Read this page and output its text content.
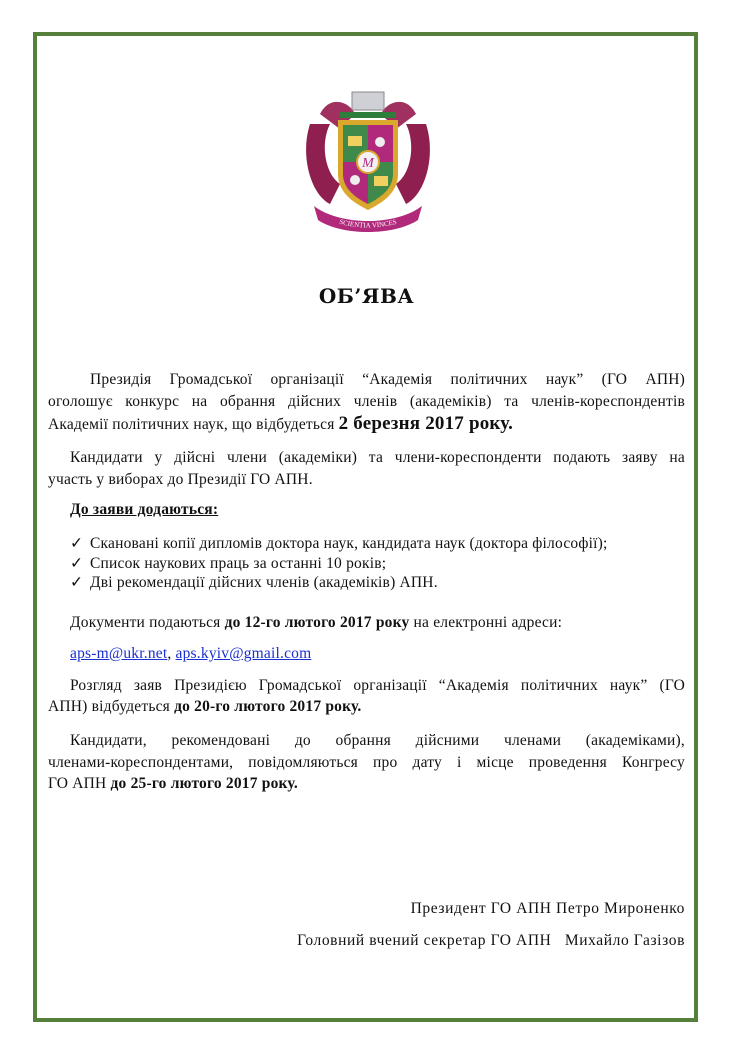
M
SCIENTIA VINCES
ОБ’ЯВА
Президія Громадської організації “Академія політичних наук” (ГО АПН)
оголошує конкурс на обрання дійсних членів (академіків) та членів-кореспондентів
Академії політичних наук, що відбудеться 2 березня 2017 року.
Кандидати у дійсні члени (академіки) та члени-кореспонденти подають заяву на
участь у виборах до Президії ГО АПН.
До заяви додаються:
✓ Скановані копії дипломів доктора наук, кандидата наук (доктора філософії);
✓ Список наукових праць за останні 10 років;
✓ Дві рекомендації дійсних членів (академіків) АПН.
Документи подаються до 12-го лютого 2017 року на електронні адреси:
aps-m@ukr.net, aps.kyiv@gmail.com
Розгляд заяв Президією Громадської організації “Академія політичних наук” (ГО
АПН) відбудеться до 20-го лютого 2017 року.
Кандидати, рекомендовані до обрання дійсними членами (академіками),
членами-кореспондентами, повідомляються про дату і місце проведення Конгресу
ГО АПН до 25-го лютого 2017 року.
Президент ГО АПН Петро Мироненко
Головний вчений секретар ГО АПН   Михайло Газізов
